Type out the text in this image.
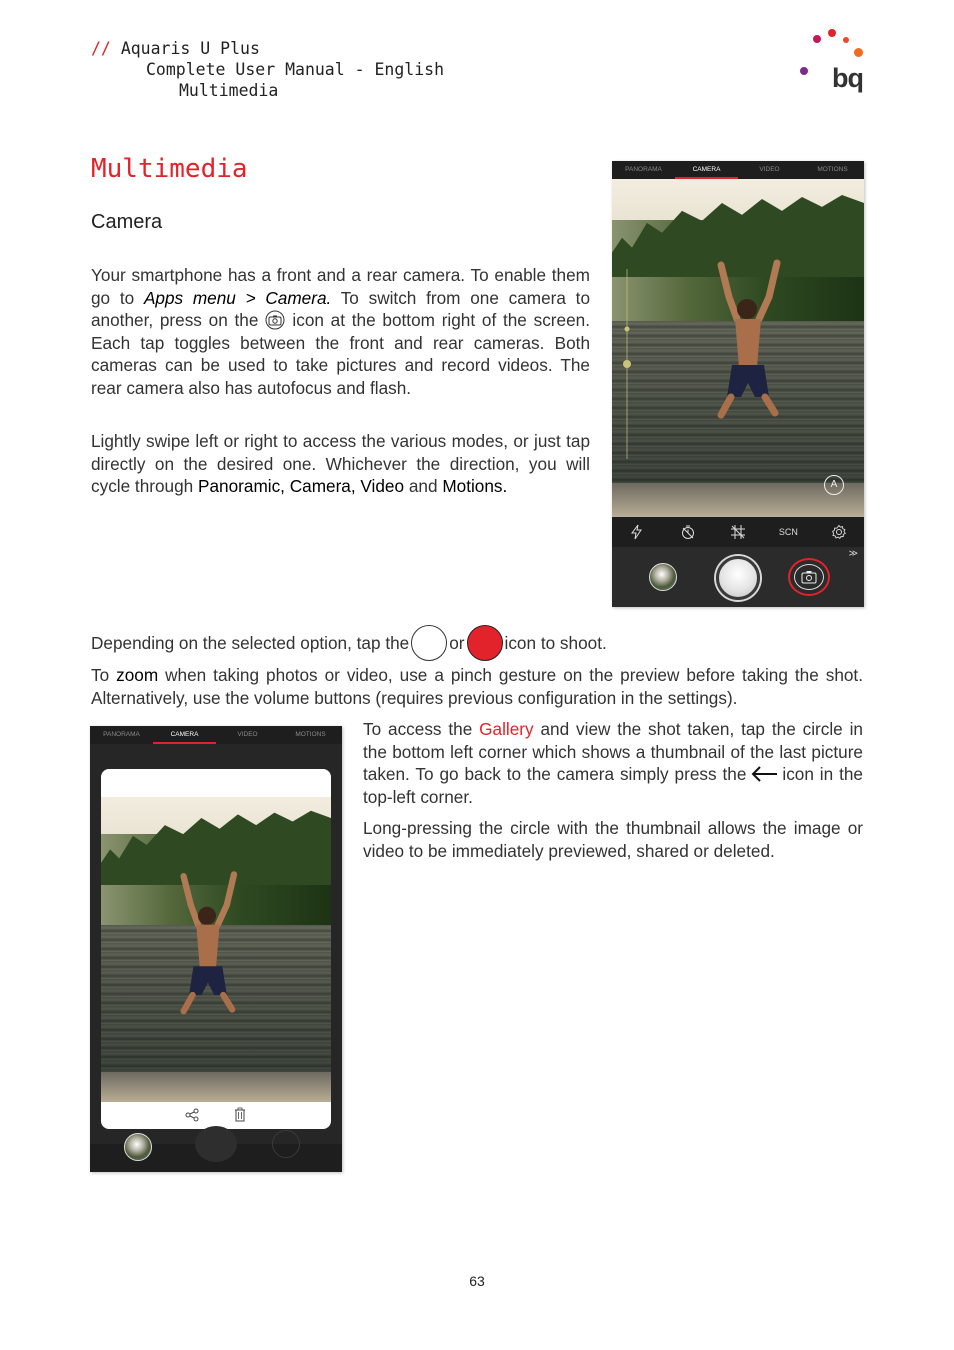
// Aquaris U Plus
Complete User Manual - English
Multimedia	bq
Multimedia
Camera
Your smartphone has a front and a rear camera. To enable them go to Apps menu > Camera. To switch from one camera to another, press on the icon at the bottom right of the screen. Each tap toggles between the front and rear cameras. Both cameras can be used to take pictures and record videos. The rear camera also has autofocus and flash.
Lightly swipe left or right to access the various modes, or just tap directly on the desired one. Whichever the direction, you will cycle through Panoramic, Camera, Video and Motions.
PANORAMA	CAMERA	VIDEO	MOTIONS
A
SCN
≫
Depending on the selected option, tap the or icon to shoot.
To zoom when taking photos or video, use a pinch gesture on the preview before taking the shot. Alternatively, use the volume buttons (requires previous configuration in the settings).
PANORAMA	CAMERA	VIDEO	MOTIONS	To access the Gallery and view the shot taken, tap the circle in the bottom left corner which shows a thumbnail of the last picture taken. To go back to the camera simply press the icon in the top-left corner.
Long-pressing the circle with the thumbnail allows the image or video to be immediately previewed, shared or deleted.
63
